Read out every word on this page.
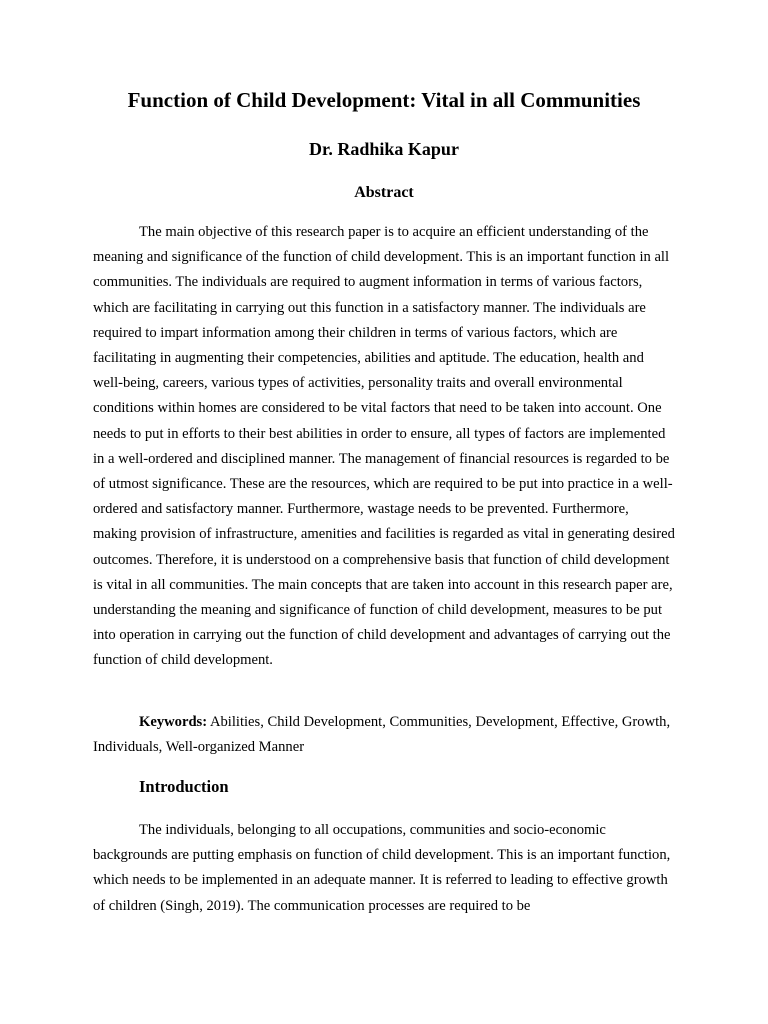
Function of Child Development: Vital in all Communities
Dr. Radhika Kapur
Abstract

The main objective of this research paper is to acquire an efficient understanding of the meaning and significance of the function of child development. This is an important function in all communities. The individuals are required to augment information in terms of various factors, which are facilitating in carrying out this function in a satisfactory manner. The individuals are required to impart information among their children in terms of various factors, which are facilitating in augmenting their competencies, abilities and aptitude. The education, health and well-being, careers, various types of activities, personality traits and overall environmental conditions within homes are considered to be vital factors that need to be taken into account. One needs to put in efforts to their best abilities in order to ensure, all types of factors are implemented in a well-ordered and disciplined manner. The management of financial resources is regarded to be of utmost significance. These are the resources, which are required to be put into practice in a well-ordered and satisfactory manner. Furthermore, wastage needs to be prevented. Furthermore, making provision of infrastructure, amenities and facilities is regarded as vital in generating desired outcomes. Therefore, it is understood on a comprehensive basis that function of child development is vital in all communities. The main concepts that are taken into account in this research paper are, understanding the meaning and significance of function of child development, measures to be put into operation in carrying out the function of child development and advantages of carrying out the function of child development.

Keywords: Abilities, Child Development, Communities, Development, Effective, Growth, Individuals, Well-organized Manner

Introduction

The individuals, belonging to all occupations, communities and socio-economic backgrounds are putting emphasis on function of child development. This is an important function, which needs to be implemented in an adequate manner. It is referred to leading to effective growth of children (Singh, 2019). The communication processes are required to be
